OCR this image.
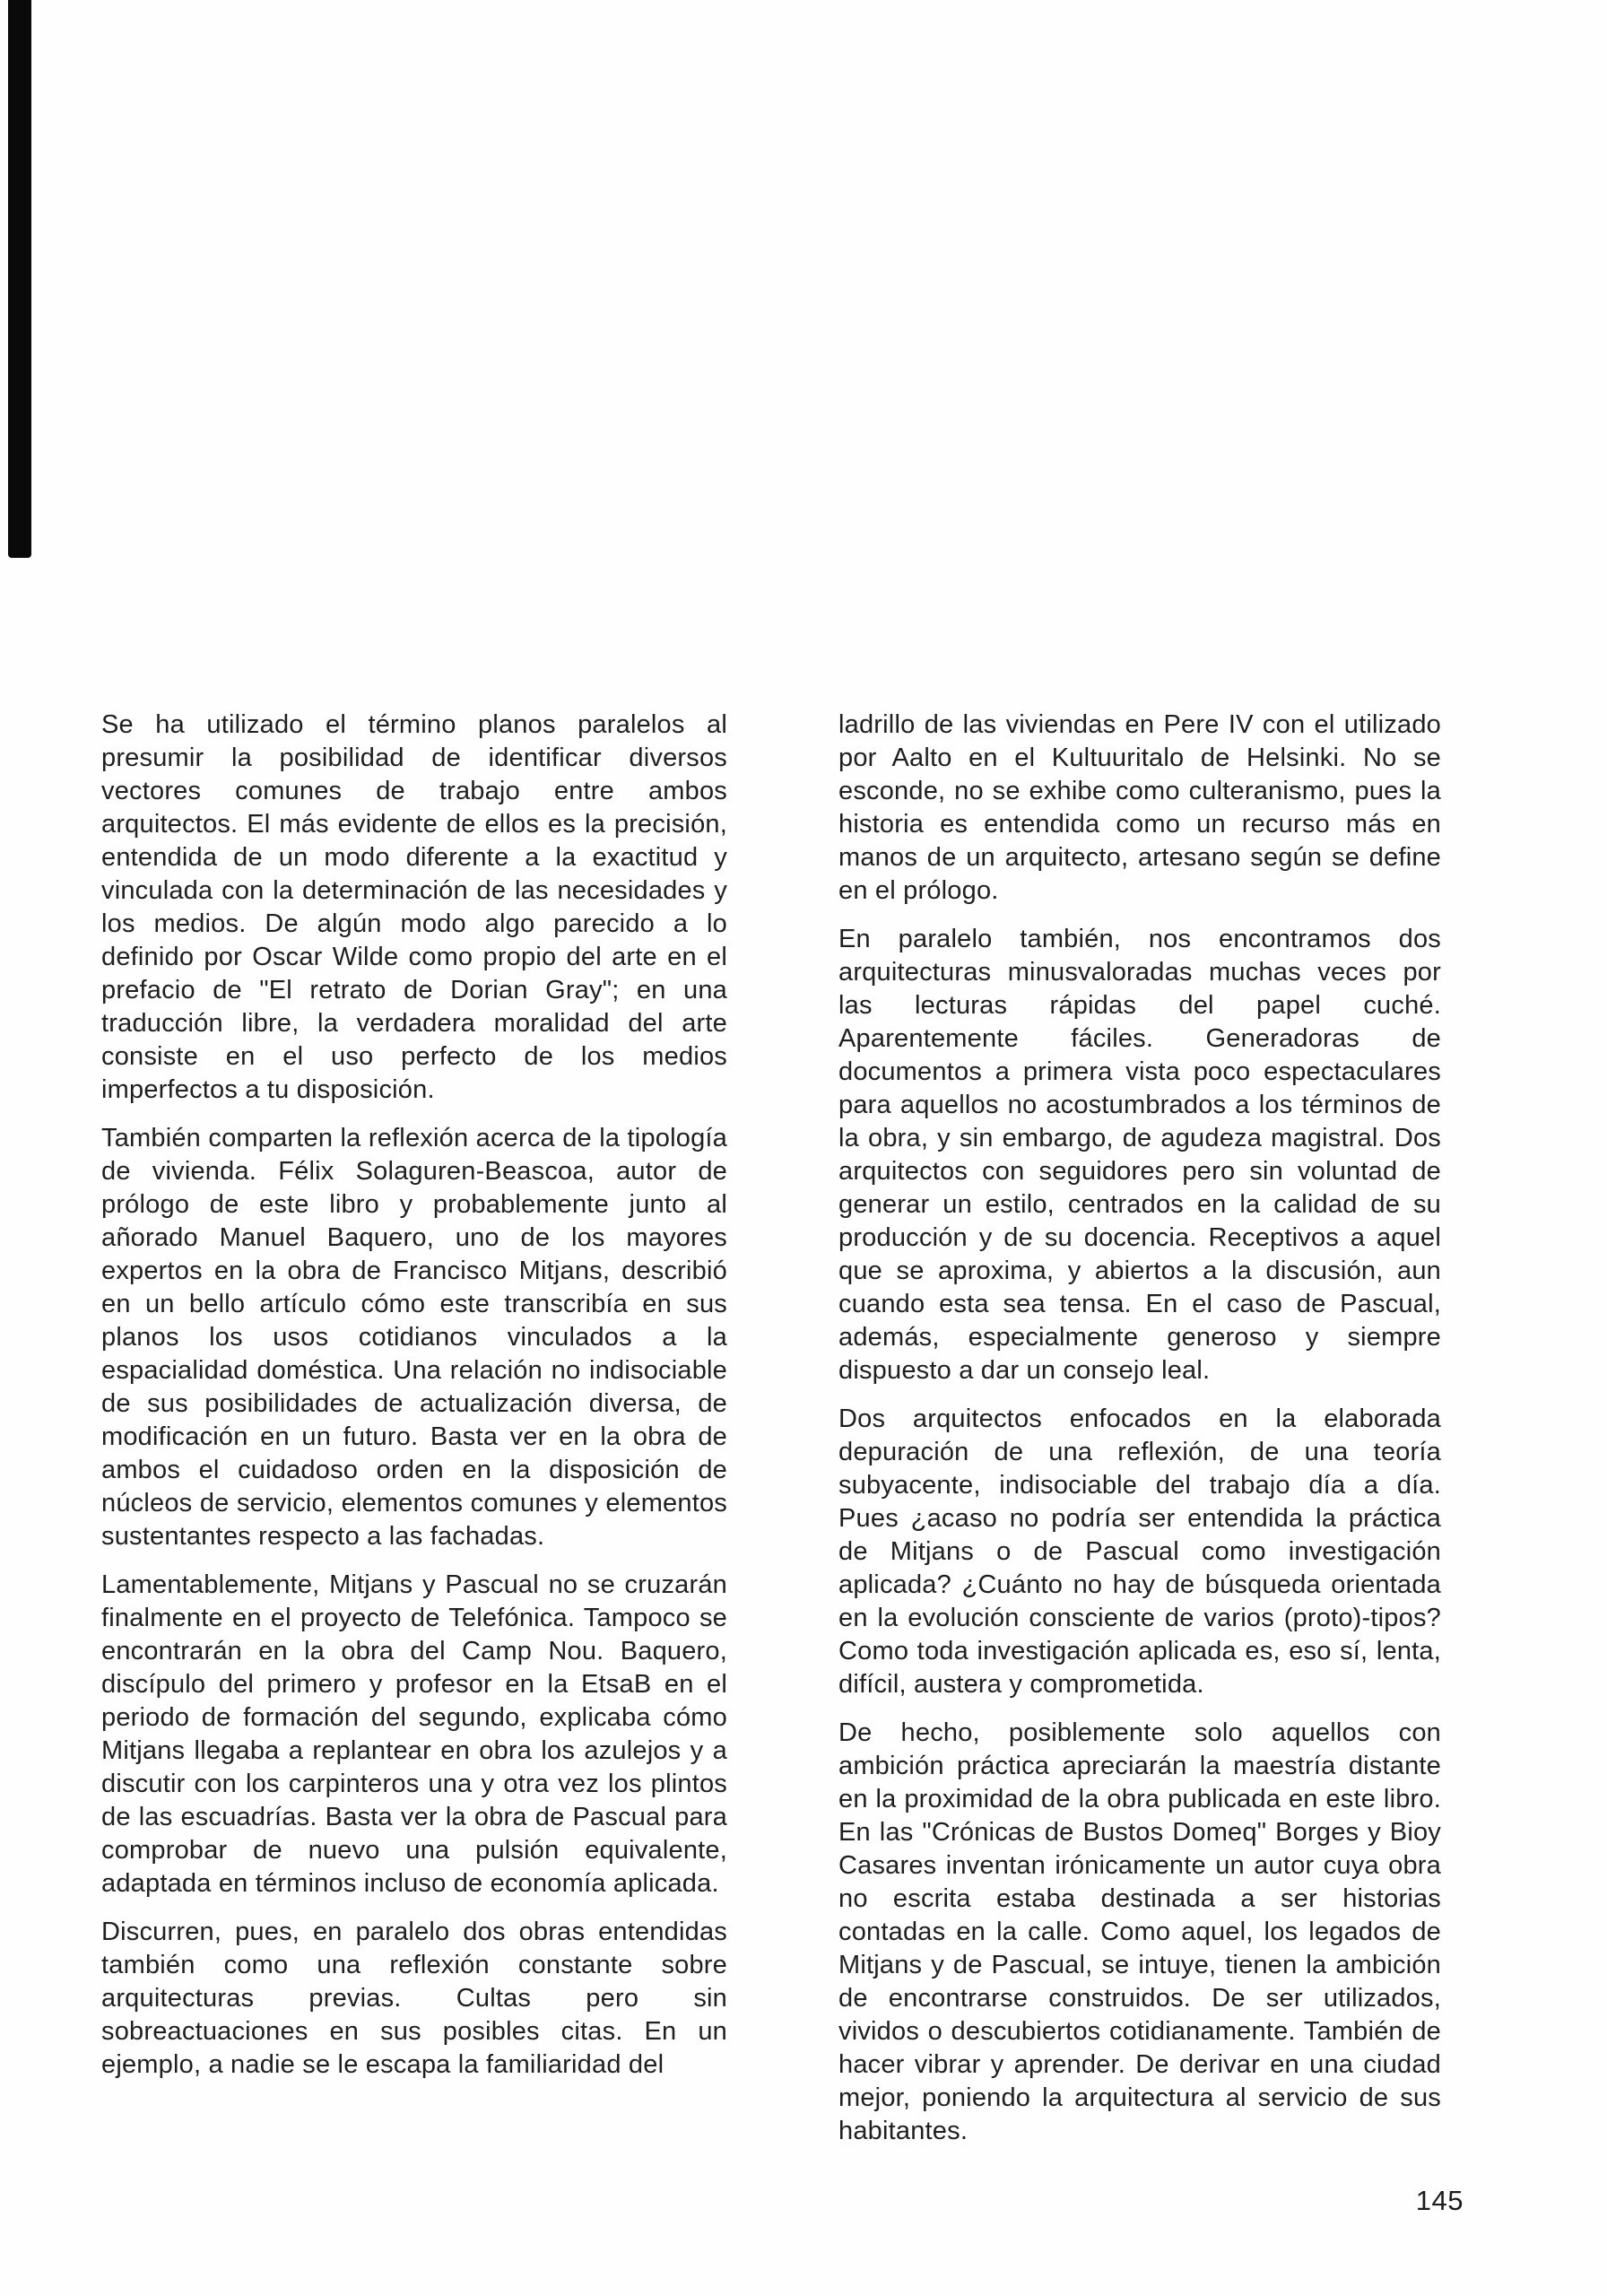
Se ha utilizado el término planos paralelos al presumir la posibilidad de identificar diversos vectores comunes de trabajo entre ambos arquitectos. El más evidente de ellos es la precisión, entendida de un modo diferente a la exactitud y vinculada con la determinación de las necesidades y los medios. De algún modo algo parecido a lo definido por Oscar Wilde como propio del arte en el prefacio de "El retrato de Dorian Gray"; en una traducción libre, la verdadera moralidad del arte consiste en el uso perfecto de los medios imperfectos a tu disposición.

También comparten la reflexión acerca de la tipología de vivienda. Félix Solaguren-Beascoa, autor de prólogo de este libro y probablemente junto al añorado Manuel Baquero, uno de los mayores expertos en la obra de Francisco Mitjans, describió en un bello artículo cómo este transcribía en sus planos los usos cotidianos vinculados a la espacialidad doméstica. Una relación no indisociable de sus posibilidades de actualización diversa, de modificación en un futuro. Basta ver en la obra de ambos el cuidadoso orden en la disposición de núcleos de servicio, elementos comunes y elementos sustentantes respecto a las fachadas.

Lamentablemente, Mitjans y Pascual no se cruzarán finalmente en el proyecto de Telefónica. Tampoco se encontrarán en la obra del Camp Nou. Baquero, discípulo del primero y profesor en la EtsaB en el periodo de formación del segundo, explicaba cómo Mitjans llegaba a replantear en obra los azulejos y a discutir con los carpinteros una y otra vez los plintos de las escuadrías. Basta ver la obra de Pascual para comprobar de nuevo una pulsión equivalente, adaptada en términos incluso de economía aplicada.

Discurren, pues, en paralelo dos obras entendidas también como una reflexión constante sobre arquitecturas previas. Cultas pero sin sobreactuaciones en sus posibles citas. En un ejemplo, a nadie se le escapa la familiaridad del

ladrillo de las viviendas en Pere IV con el utilizado por Aalto en el Kultuuritalo de Helsinki. No se esconde, no se exhibe como culteranismo, pues la historia es entendida como un recurso más en manos de un arquitecto, artesano según se define en el prólogo.

En paralelo también, nos encontramos dos arquitecturas minusvaloradas muchas veces por las lecturas rápidas del papel cuché. Aparentemente fáciles. Generadoras de documentos a primera vista poco espectaculares para aquellos no acostumbrados a los términos de la obra, y sin embargo, de agudeza magistral. Dos arquitectos con seguidores pero sin voluntad de generar un estilo, centrados en la calidad de su producción y de su docencia. Receptivos a aquel que se aproxima, y abiertos a la discusión, aun cuando esta sea tensa. En el caso de Pascual, además, especialmente generoso y siempre dispuesto a dar un consejo leal.

Dos arquitectos enfocados en la elaborada depuración de una reflexión, de una teoría subyacente, indisociable del trabajo día a día. Pues ¿acaso no podría ser entendida la práctica de Mitjans o de Pascual como investigación aplicada? ¿Cuánto no hay de búsqueda orientada en la evolución consciente de varios (proto)-tipos? Como toda investigación aplicada es, eso sí, lenta, difícil, austera y comprometida.

De hecho, posiblemente solo aquellos con ambición práctica apreciarán la maestría distante en la proximidad de la obra publicada en este libro. En las "Crónicas de Bustos Domeq" Borges y Bioy Casares inventan irónicamente un autor cuya obra no escrita estaba destinada a ser historias contadas en la calle. Como aquel, los legados de Mitjans y de Pascual, se intuye, tienen la ambición de encontrarse construidos. De ser utilizados, vividos o descubiertos cotidianamente. También de hacer vibrar y aprender. De derivar en una ciudad mejor, poniendo la arquitectura al servicio de sus habitantes.

145
